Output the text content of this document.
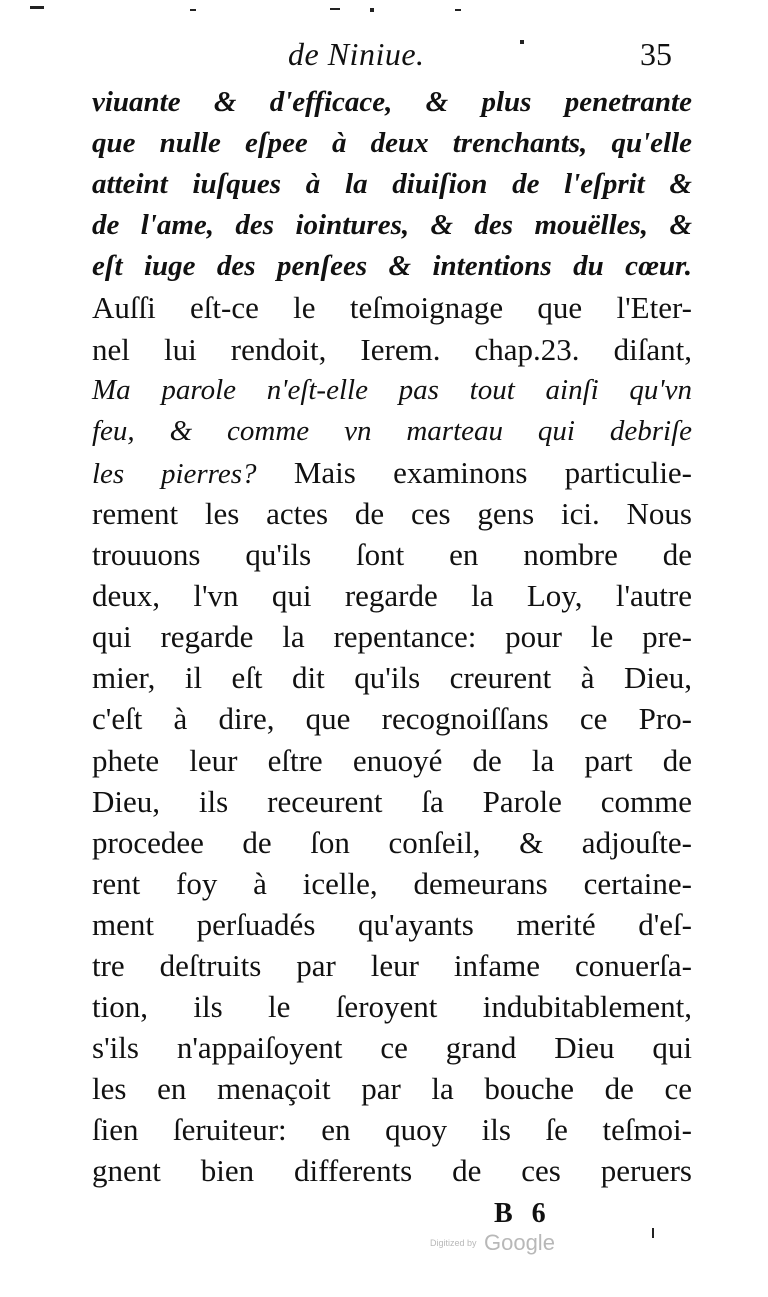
de Niniue.	35
viuante & d'efficace, & plus penetrante
que nulle eſpee à deux trenchants, qu'elle
atteint iuſques à la diuiſion de l'eſprit &
de l'ame, des iointures, & des mouëlles, &
eſt iuge des penſees & intentions du cœur.
Auſſi eſt-ce le teſmoignage que l'Eter-
nel lui rendoit, Ierem. chap.23. diſant,
Ma parole n'eſt-elle pas tout ainſi qu'vn
feu, & comme vn marteau qui debriſe
les pierres? Mais examinons particulie-
rement les actes de ces gens ici. Nous
trouuons qu'ils ſont en nombre de
deux, l'vn qui regarde la Loy, l'autre
qui regarde la repentance: pour le pre-
mier, il eſt dit qu'ils creurent à Dieu,
c'eſt à dire, que recognoiſſans ce Pro-
phete leur eſtre enuoyé de la part de
Dieu, ils receurent ſa Parole comme
procedee de ſon conſeil, & adjouſte-
rent foy à icelle, demeurans certaine-
ment perſuadés qu'ayants merité d'eſ-
tre deſtruits par leur infame conuerſa-
tion, ils le ſeroyent indubitablement,
s'ils n'appaiſoyent ce grand Dieu qui
les en menaçoit par la bouche de ce
ſien ſeruiteur: en quoy ils ſe teſmoi-
gnent bien differents de ces peruers
B 6
Digitized by Google
